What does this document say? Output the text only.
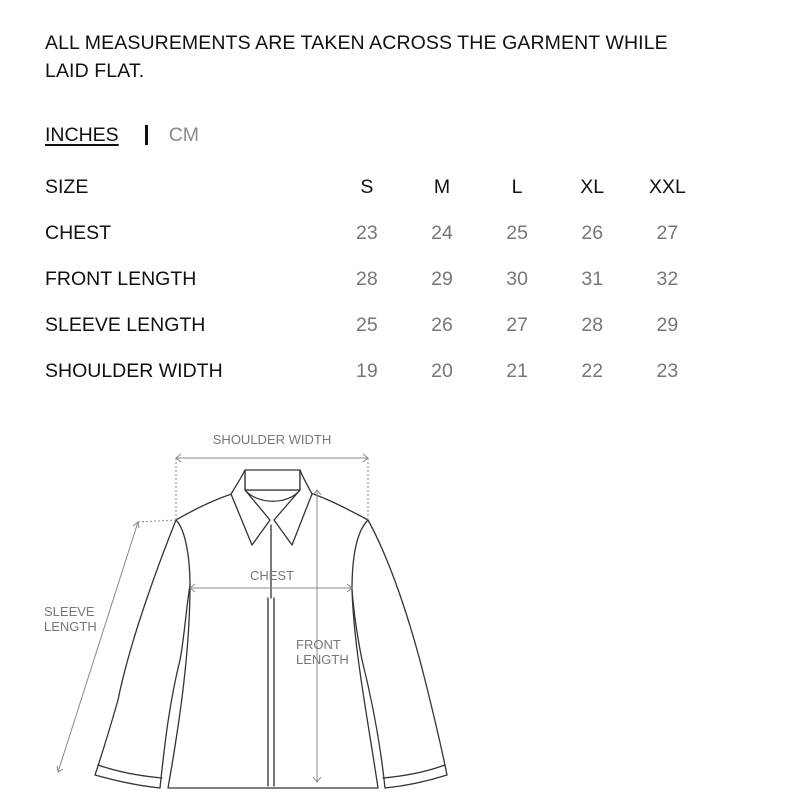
ALL MEASUREMENTS ARE TAKEN ACROSS THE GARMENT WHILE LAID FLAT.

INCHES	CM
SIZE	S	M	L	XL	XXL
CHEST	23	24	25	26	27
FRONT LENGTH	28	29	30	31	32
SLEEVE LENGTH	25	26	27	28	29
SHOULDER WIDTH	19	20	21	22	23
SHOULDER WIDTH
CHEST
SLEEVE
LENGTH
FRONT
LENGTH
